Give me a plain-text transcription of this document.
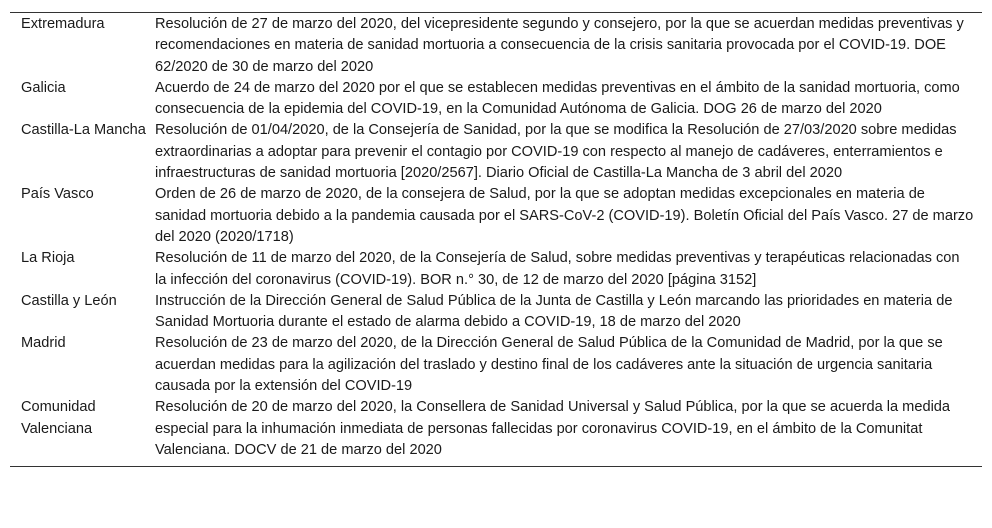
Extremadura	Resolución de 27 de marzo del 2020, del vicepresidente segundo y consejero, por la que se acuerdan medidas preventivas y recomendaciones en materia de sanidad mortuoria a consecuencia de la crisis sanitaria provocada por el COVID-19. DOE 62/2020 de 30 de marzo del 2020
Galicia	Acuerdo de 24 de marzo del 2020 por el que se establecen medidas preventivas en el ámbito de la sanidad mortuoria, como consecuencia de la epidemia del COVID-19, en la Comunidad Autónoma de Galicia. DOG 26 de marzo del 2020
Castilla-La Mancha	Resolución de 01/04/2020, de la Consejería de Sanidad, por la que se modifica la Resolución de 27/03/2020 sobre medidas extraordinarias a adoptar para prevenir el contagio por COVID-19 con respecto al manejo de cadáveres, enterramientos e infraestructuras de sanidad mortuoria [2020/2567]. Diario Oficial de Castilla-La Mancha de 3 abril del 2020
País Vasco	Orden de 26 de marzo de 2020, de la consejera de Salud, por la que se adoptan medidas excepcionales en materia de sanidad mortuoria debido a la pandemia causada por el SARS-CoV-2 (COVID-19). Boletín Oficial del País Vasco. 27 de marzo del 2020 (2020/1718)
La Rioja	Resolución de 11 de marzo del 2020, de la Consejería de Salud, sobre medidas preventivas y terapéuticas relacionadas con la infección del coronavirus (COVID-19). BOR n.° 30, de 12 de marzo del 2020 [página 3152]
Castilla y León	Instrucción de la Dirección General de Salud Pública de la Junta de Castilla y León marcando las prioridades en materia de Sanidad Mortuoria durante el estado de alarma debido a COVID-19, 18 de marzo del 2020
Madrid	Resolución de 23 de marzo del 2020, de la Dirección General de Salud Pública de la Comunidad de Madrid, por la que se acuerdan medidas para la agilización del traslado y destino final de los cadáveres ante la situación de urgencia sanitaria causada por la extensión del COVID-19
Comunidad Valenciana	Resolución de 20 de marzo del 2020, la Consellera de Sanidad Universal y Salud Pública, por la que se acuerda la medida especial para la inhumación inmediata de personas fallecidas por coronavirus COVID-19, en el ámbito de la Comunitat Valenciana. DOCV de 21 de marzo del 2020
